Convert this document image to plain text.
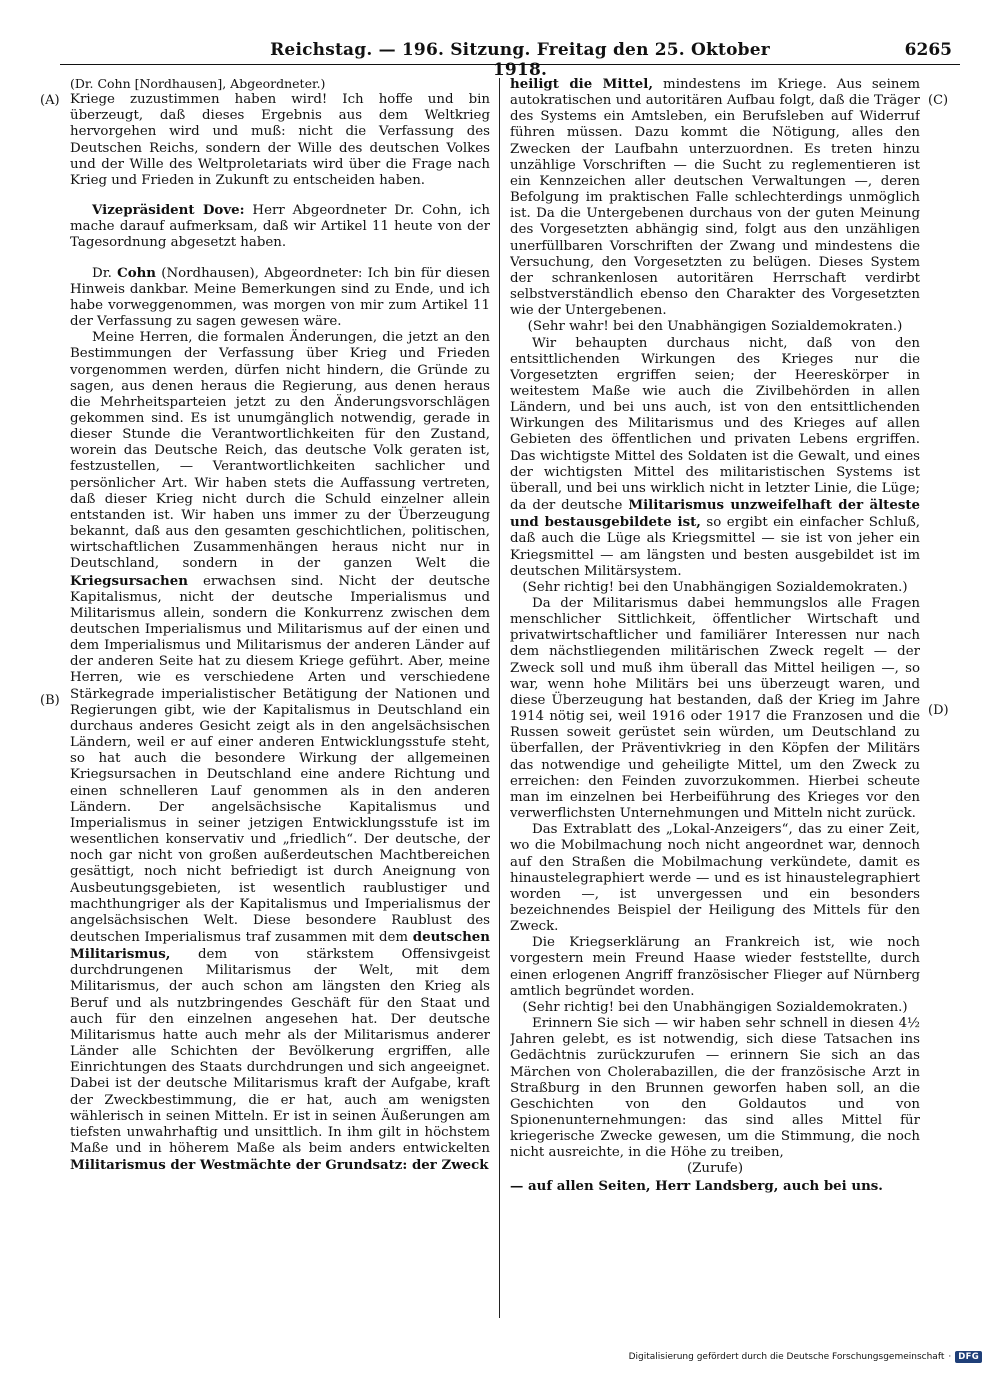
Reichstag. — 196. Sitzung. Freitag den 25. Oktober 1918.
6265
(A)
(B)
(C)
(D)

(Dr. Cohn [Nordhausen], Abgeordneter.)

Kriege zuzustimmen haben wird! Ich hoffe und bin überzeugt, daß dieses Ergebnis aus dem Weltkrieg hervorgehen wird und muß: nicht die Verfassung des Deutschen Reichs, sondern der Wille des deutschen Volkes und der Wille des Weltproletariats wird über die Frage nach Krieg und Frieden in Zukunft zu entscheiden haben.

Vizepräsident Dove: Herr Abgeordneter Dr. Cohn, ich mache darauf aufmerksam, daß wir Artikel 11 heute von der Tagesordnung abgesetzt haben.

Dr. Cohn (Nordhausen), Abgeordneter: Ich bin für diesen Hinweis dankbar. Meine Bemerkungen sind zu Ende, und ich habe vorweggenommen, was morgen von mir zum Artikel 11 der Verfassung zu sagen gewesen wäre.

Meine Herren, die formalen Änderungen, die jetzt an den Bestimmungen der Verfassung über Krieg und Frieden vorgenommen werden, dürfen nicht hindern, die Gründe zu sagen, aus denen heraus die Regierung, aus denen heraus die Mehrheitsparteien jetzt zu den Änderungsvorschlägen gekommen sind. Es ist unumgänglich notwendig, gerade in dieser Stunde die Verantwortlichkeiten für den Zustand, worein das Deutsche Reich, das deutsche Volk geraten ist, festzustellen, — Verantwortlichkeiten sachlicher und persönlicher Art. Wir haben stets die Auffassung vertreten, daß dieser Krieg nicht durch die Schuld einzelner allein entstanden ist. Wir haben uns immer zu der Überzeugung bekannt, daß aus den gesamten geschichtlichen, politischen, wirtschaftlichen Zusammenhängen heraus nicht nur in Deutschland, sondern in der ganzen Welt die Kriegsursachen erwachsen sind. Nicht der deutsche Kapitalismus, nicht der deutsche Imperialismus und Militarismus allein, sondern die Konkurrenz zwischen dem deutschen Imperialismus und Militarismus auf der einen und dem Imperialismus und Militarismus der anderen Länder auf der anderen Seite hat zu diesem Kriege geführt. Aber, meine Herren, wie es verschiedene Arten und verschiedene Stärkegrade imperialistischer Betätigung der Nationen und Regierungen gibt, wie der Kapitalismus in Deutschland ein durchaus anderes Gesicht zeigt als in den angelsächsischen Ländern, weil er auf einer anderen Entwicklungsstufe steht, so hat auch die besondere Wirkung der allgemeinen Kriegsursachen in Deutschland eine andere Richtung und einen schnelleren Lauf genommen als in den anderen Ländern. Der angelsächsische Kapitalismus und Imperialismus in seiner jetzigen Entwicklungsstufe ist im wesentlichen konservativ und „friedlich“. Der deutsche, der noch gar nicht von großen außerdeutschen Machtbereichen gesättigt, noch nicht befriedigt ist durch Aneignung von Ausbeutungsgebieten, ist wesentlich raublustiger und machthungriger als der Kapitalismus und Imperialismus der angelsächsischen Welt. Diese besondere Raublust des deutschen Imperialismus traf zusammen mit dem deutschen Militarismus, dem von stärkstem Offensivgeist durchdrungenen Militarismus der Welt, mit dem Militarismus, der auch schon am längsten den Krieg als Beruf und als nutzbringendes Geschäft für den Staat und auch für den einzelnen angesehen hat. Der deutsche Militarismus hatte auch mehr als der Militarismus anderer Länder alle Schichten der Bevölkerung ergriffen, alle Einrichtungen des Staats durchdrungen und sich angeeignet. Dabei ist der deutsche Militarismus kraft der Aufgabe, kraft der Zweckbestimmung, die er hat, auch am wenigsten wählerisch in seinen Mitteln. Er ist in seinen Äußerungen am tiefsten unwahrhaftig und unsittlich. In ihm gilt in höchstem Maße und in höherem Maße als beim anders entwickelten Militarismus der Westmächte der Grundsatz: der Zweck

heiligt die Mittel, mindestens im Kriege. Aus seinem autokratischen und autoritären Aufbau folgt, daß die Träger des Systems ein Amtsleben, ein Berufsleben auf Widerruf führen müssen. Dazu kommt die Nötigung, alles den Zwecken der Laufbahn unterzuordnen. Es treten hinzu unzählige Vorschriften — die Sucht zu reglementieren ist ein Kennzeichen aller deutschen Verwaltungen —, deren Befolgung im praktischen Falle schlechterdings unmöglich ist. Da die Untergebenen durchaus von der guten Meinung des Vorgesetzten abhängig sind, folgt aus den unzähligen unerfüllbaren Vorschriften der Zwang und mindestens die Versuchung, den Vorgesetzten zu belügen. Dieses System der schrankenlosen autoritären Herrschaft verdirbt selbstverständlich ebenso den Charakter des Vorgesetzten wie der Untergebenen.

(Sehr wahr! bei den Unabhängigen Sozialdemokraten.)

Wir behaupten durchaus nicht, daß von den entsittlichenden Wirkungen des Krieges nur die Vorgesetzten ergriffen seien; der Heereskörper in weitestem Maße wie auch die Zivilbehörden in allen Ländern, und bei uns auch, ist von den entsittlichenden Wirkungen des Militarismus und des Krieges auf allen Gebieten des öffentlichen und privaten Lebens ergriffen. Das wichtigste Mittel des Soldaten ist die Gewalt, und eines der wichtigsten Mittel des militaristischen Systems ist überall, und bei uns wirklich nicht in letzter Linie, die Lüge; da der deutsche Militarismus unzweifelhaft der älteste und bestausgebildete ist, so ergibt ein einfacher Schluß, daß auch die Lüge als Kriegsmittel — sie ist von jeher ein Kriegsmittel — am längsten und besten ausgebildet ist im deutschen Militärsystem.

(Sehr richtig! bei den Unabhängigen Sozialdemokraten.)

Da der Militarismus dabei hemmungslos alle Fragen menschlicher Sittlichkeit, öffentlicher Wirtschaft und privatwirtschaftlicher und familiärer Interessen nur nach dem nächstliegenden militärischen Zweck regelt — der Zweck soll und muß ihm überall das Mittel heiligen —, so war, wenn hohe Militärs bei uns überzeugt waren, und diese Überzeugung hat bestanden, daß der Krieg im Jahre 1914 nötig sei, weil 1916 oder 1917 die Franzosen und die Russen soweit gerüstet sein würden, um Deutschland zu überfallen, der Präventivkrieg in den Köpfen der Militärs das notwendige und geheiligte Mittel, um den Zweck zu erreichen: den Feinden zuvorzukommen. Hierbei scheute man im einzelnen bei Herbeiführung des Krieges vor den verwerflichsten Unternehmungen und Mitteln nicht zurück.

Das Extrablatt des „Lokal-Anzeigers“, das zu einer Zeit, wo die Mobilmachung noch nicht angeordnet war, dennoch auf den Straßen die Mobilmachung verkündete, damit es hinaustelegraphiert werde — und es ist hinaustelegraphiert worden —, ist unvergessen und ein besonders bezeichnendes Beispiel der Heiligung des Mittels für den Zweck.

Die Kriegserklärung an Frankreich ist, wie noch vorgestern mein Freund Haase wieder feststellte, durch einen erlogenen Angriff französischer Flieger auf Nürnberg amtlich begründet worden.

(Sehr richtig! bei den Unabhängigen Sozialdemokraten.)

Erinnern Sie sich — wir haben sehr schnell in diesen 4½ Jahren gelebt, es ist notwendig, sich diese Tatsachen ins Gedächtnis zurückzurufen — erinnern Sie sich an das Märchen von Cholerabazillen, die der französische Arzt in Straßburg in den Brunnen geworfen haben soll, an die Geschichten von den Goldautos und von Spionenunternehmungen: das sind alles Mittel für kriegerische Zwecke gewesen, um die Stimmung, die noch nicht ausreichte, in die Höhe zu treiben,

(Zurufe)

— auf allen Seiten, Herr Landsberg, auch bei uns.

Digitalisierung gefördert durch die Deutsche Forschungsgemeinschaft · DFG
